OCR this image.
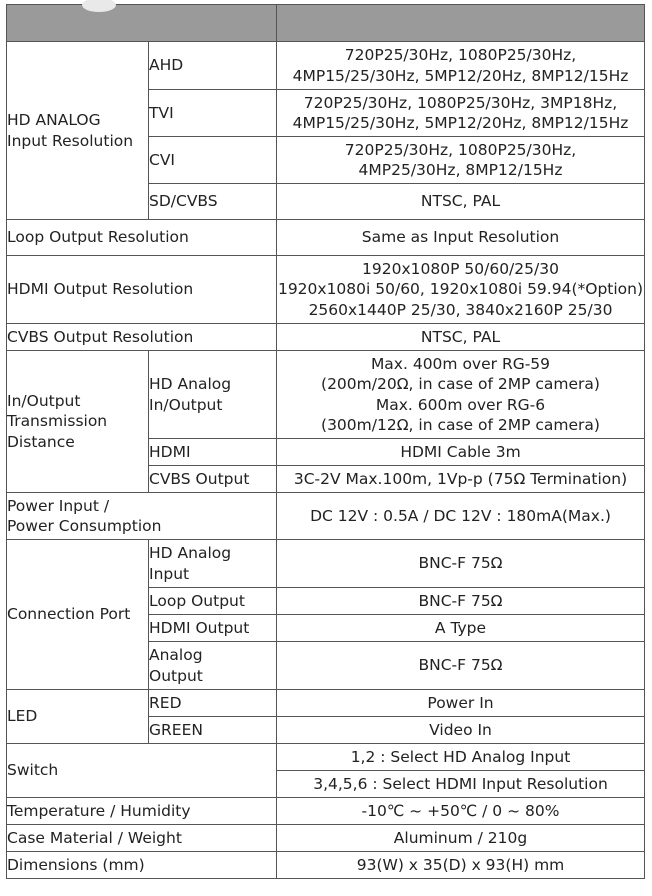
HD ANALOG
Input Resolution	AHD	720P25/30Hz, 1080P25/30Hz,
4MP15/25/30Hz, 5MP12/20Hz, 8MP12/15Hz

	TVI	720P25/30Hz, 1080P25/30Hz, 3MP18Hz,
4MP15/25/30Hz, 5MP12/20Hz, 8MP12/15Hz

	CVI	720P25/30Hz, 1080P25/30Hz,
4MP25/30Hz, 8MP12/15Hz

	SD/CVBS	NTSC, PAL
Loop Output Resolution		Same as Input Resolution
HDMI Output Resolution		1920x1080P 50/60/25/30
1920x1080i 50/60, 1920x1080i 59.94(*Option)
2560x1440P 25/30, 3840x2160P 25/30

CVBS Output Resolution		NTSC, PAL

In/Output
Transmission
Distance	HD Analog
In/Output	Max. 400m over RG-59
(200m/20Ω, in case of 2MP camera)
Max. 600m over RG-6
(300m/12Ω, in case of 2MP camera)

	HDMI	HDMI Cable 3m
	CVBS Output	3C-2V Max.100m, 1Vp-p (75Ω Termination)

Power Input /
Power Consumption		DC 12V : 0.5A / DC 12V : 180mA(Max.)
Connection Port	HD Analog
Input	BNC-F 75Ω
	Loop Output	BNC-F 75Ω
	HDMI Output	A Type

	Analog
Output	BNC-F 75Ω
LED	RED	Power In
	GREEN	Video In
Switch		1,2 : Select HD Analog Input
		3,4,5,6 : Select HDMI Input Resolution
Temperature / Humidity		-10℃ ~ +50℃ / 0 ~ 80%
Case Material / Weight		Aluminum / 210g
Dimensions (mm)		93(W) x 35(D) x 93(H) mm
